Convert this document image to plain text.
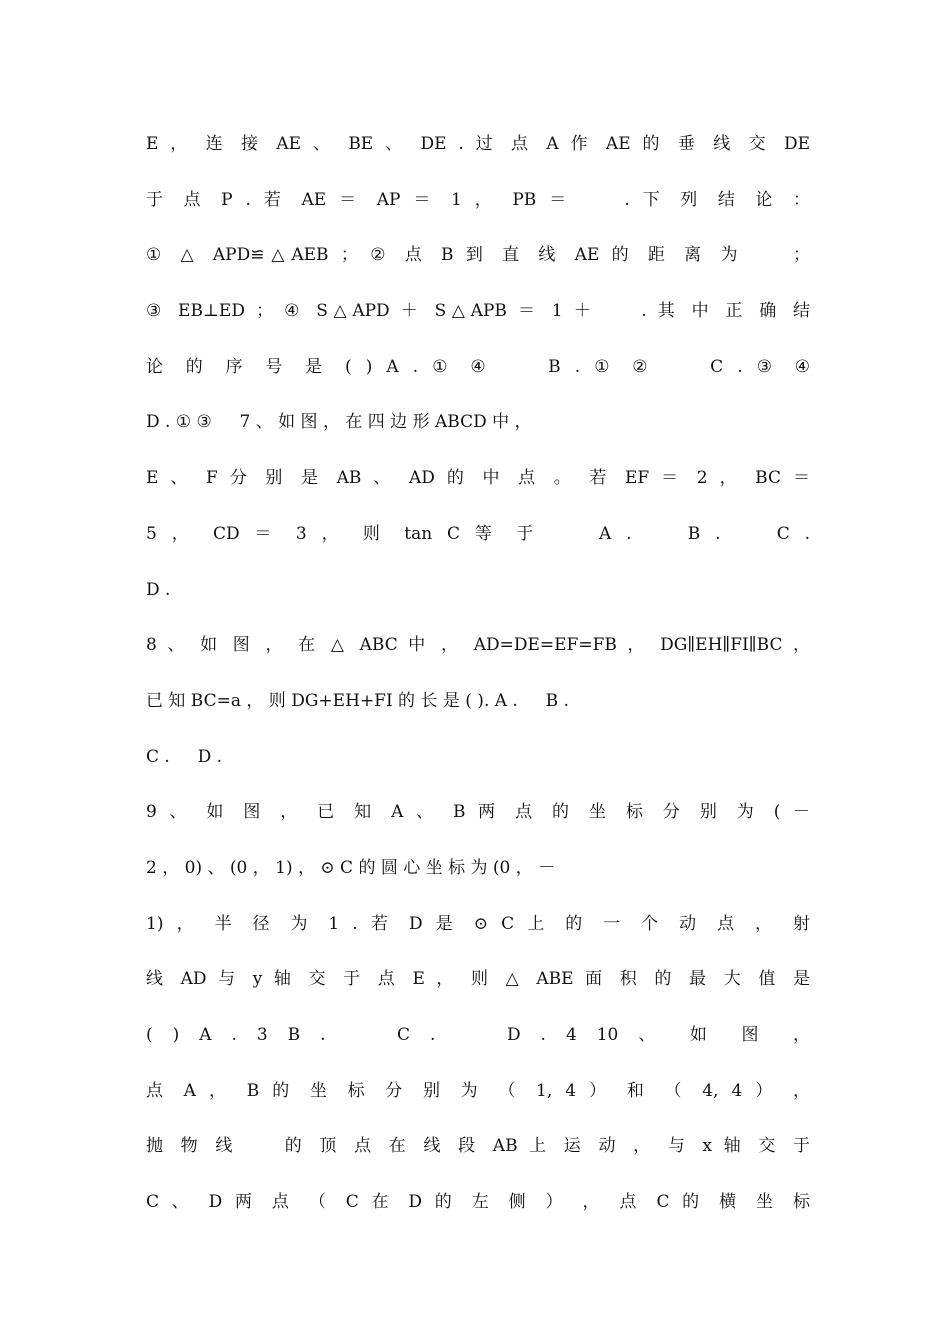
E ， 连 接 AE 、 BE 、 DE . 过 点 A 作 AE 的 垂 线 交 DE
于 点 P . 若 AE ＝ AP ＝ 1 ， PB ＝ 　 . 下 列 结 论 ：
① △ APD≌△AEB ； ② 点 B 到 直 线 AE 的 距 离 为 　 ；
③ EB⊥ED ； ④ S△APD ＋ S△APB ＝ 1 ＋ 　 . 其 中 正 确 结
论 的 序 号 是 ( ) A . ① ④ 　 B . ① ② 　 C . ③ ④
D . ① ③ 　 7 、 如 图 ， 在 四 边 形 ABCD 中 ，
E 、 F 分 别 是 AB 、 AD 的 中 点 。 若 EF ＝ 2 ， BC ＝
5 ， CD ＝ 3 ， 则 tan C 等 于 　 A . 　 B . 　 C .
D .
8 、 如 图 ， 在 △ ABC 中 ， AD=DE=EF=FB ， DG∥EH∥FI∥BC ，
已 知 BC=a ， 则 DG+EH+FI 的 长 是 ( ). A . 　 B .
C . 　 D .
9 、 如 图 ， 已 知 A 、 B 两 点 的 坐 标 分 别 为 ( －
2 ， 0) 、 (0 ， 1) ， ⊙ C 的 圆 心 坐 标 为 (0 ， －
1) ， 半 径 为 1 . 若 D 是 ⊙ C 上 的 一 个 动 点 ， 射
线 AD 与 y 轴 交 于 点 E ， 则 △ ABE 面 积 的 最 大 值 是
( ) A . 3 B . 　 C . 　 D . 4 10 、 如 图 ，
点 A ， B 的 坐 标 分 别 为 （ 1, 4 ） 和 （ 4, 4 ） ，
抛 物 线 　 的 顶 点 在 线 段 AB 上 运 动 ， 与 x 轴 交 于
C 、 D 两 点 （ C 在 D 的 左 侧 ） ， 点 C 的 横 坐 标
